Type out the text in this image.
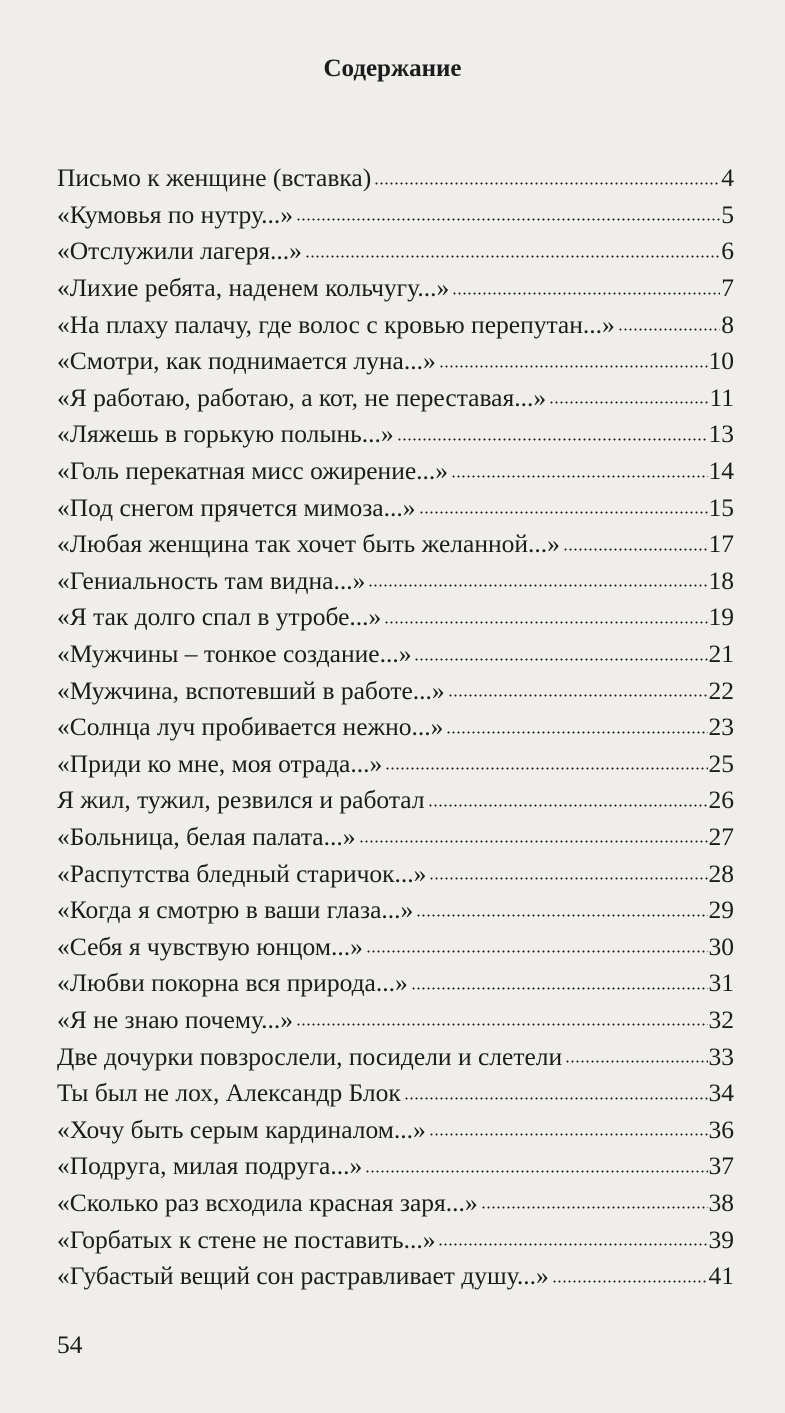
Содержание
Письмо к женщине (вставка)	4
«Кумовья по нутру...»	5
«Отслужили лагеря...»	6
«Лихие ребята, наденем кольчугу...»	7
«На плаху палачу, где волос с кровью перепутан...»	8
«Смотри, как поднимается луна...»	10
«Я работаю, работаю, а кот, не переставая...»	11
«Ляжешь в горькую полынь...»	13
«Голь перекатная мисс ожирение...»	14
«Под снегом прячется мимоза...»	15
«Любая женщина так хочет быть желанной...»	17
«Гениальность там видна...»	18
«Я так долго спал в утробе...»	19
«Мужчины – тонкое создание...»	21
«Мужчина, вспотевший в работе...»	22
«Солнца луч пробивается нежно...»	23
«Приди ко мне, моя отрада...»	25
Я жил, тужил, резвился и работал	26
«Больница, белая палата...»	27
«Распутства бледный старичок...»	28
«Когда я смотрю в ваши глаза...»	29
«Себя я чувствую юнцом...»	30
«Любви покорна вся природа...»	31
«Я не знаю почему...»	32
Две дочурки повзрослели, посидели и слетели	33
Ты был не лох, Александр Блок	34
«Хочу быть серым кардиналом...»	36
«Подруга, милая подруга...»	37
«Сколько раз всходила красная заря...»	38
«Горбатых к стене не поставить...»	39
«Губастый вещий сон растравливает душу...»	41
54
